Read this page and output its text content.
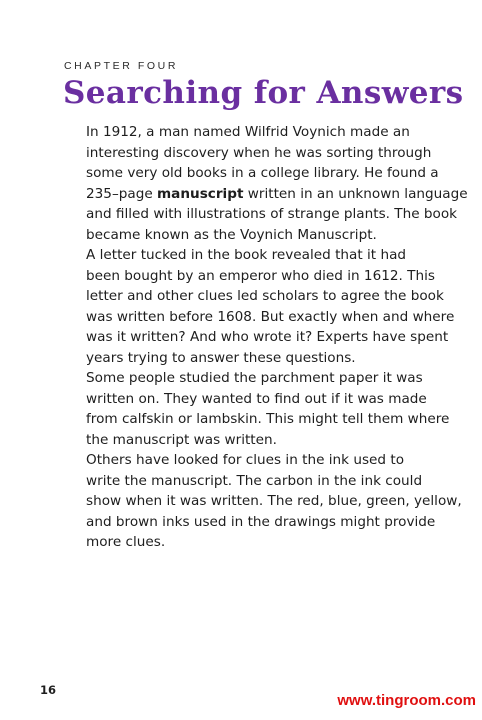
CHAPTER FOUR
Searching for Answers

In 1912, a man named Wilfrid Voynich made an
interesting discovery when he was sorting through
some very old books in a college library. He found a
235–page manuscript written in an unknown language
and filled with illustrations of strange plants. The book
became known as the Voynich Manuscript.

A letter tucked in the book revealed that it had
been bought by an emperor who died in 1612. This
letter and other clues led scholars to agree the book
was written before 1608. But exactly when and where
was it written? And who wrote it? Experts have spent
years trying to answer these questions.

Some people studied the parchment paper it was
written on. They wanted to find out if it was made
from calfskin or lambskin. This might tell them where
the manuscript was written.

Others have looked for clues in the ink used to
write the manuscript. The carbon in the ink could
show when it was written. The red, blue, green, yellow,
and brown inks used in the drawings might provide
more clues.

16
www.tingroom.com
